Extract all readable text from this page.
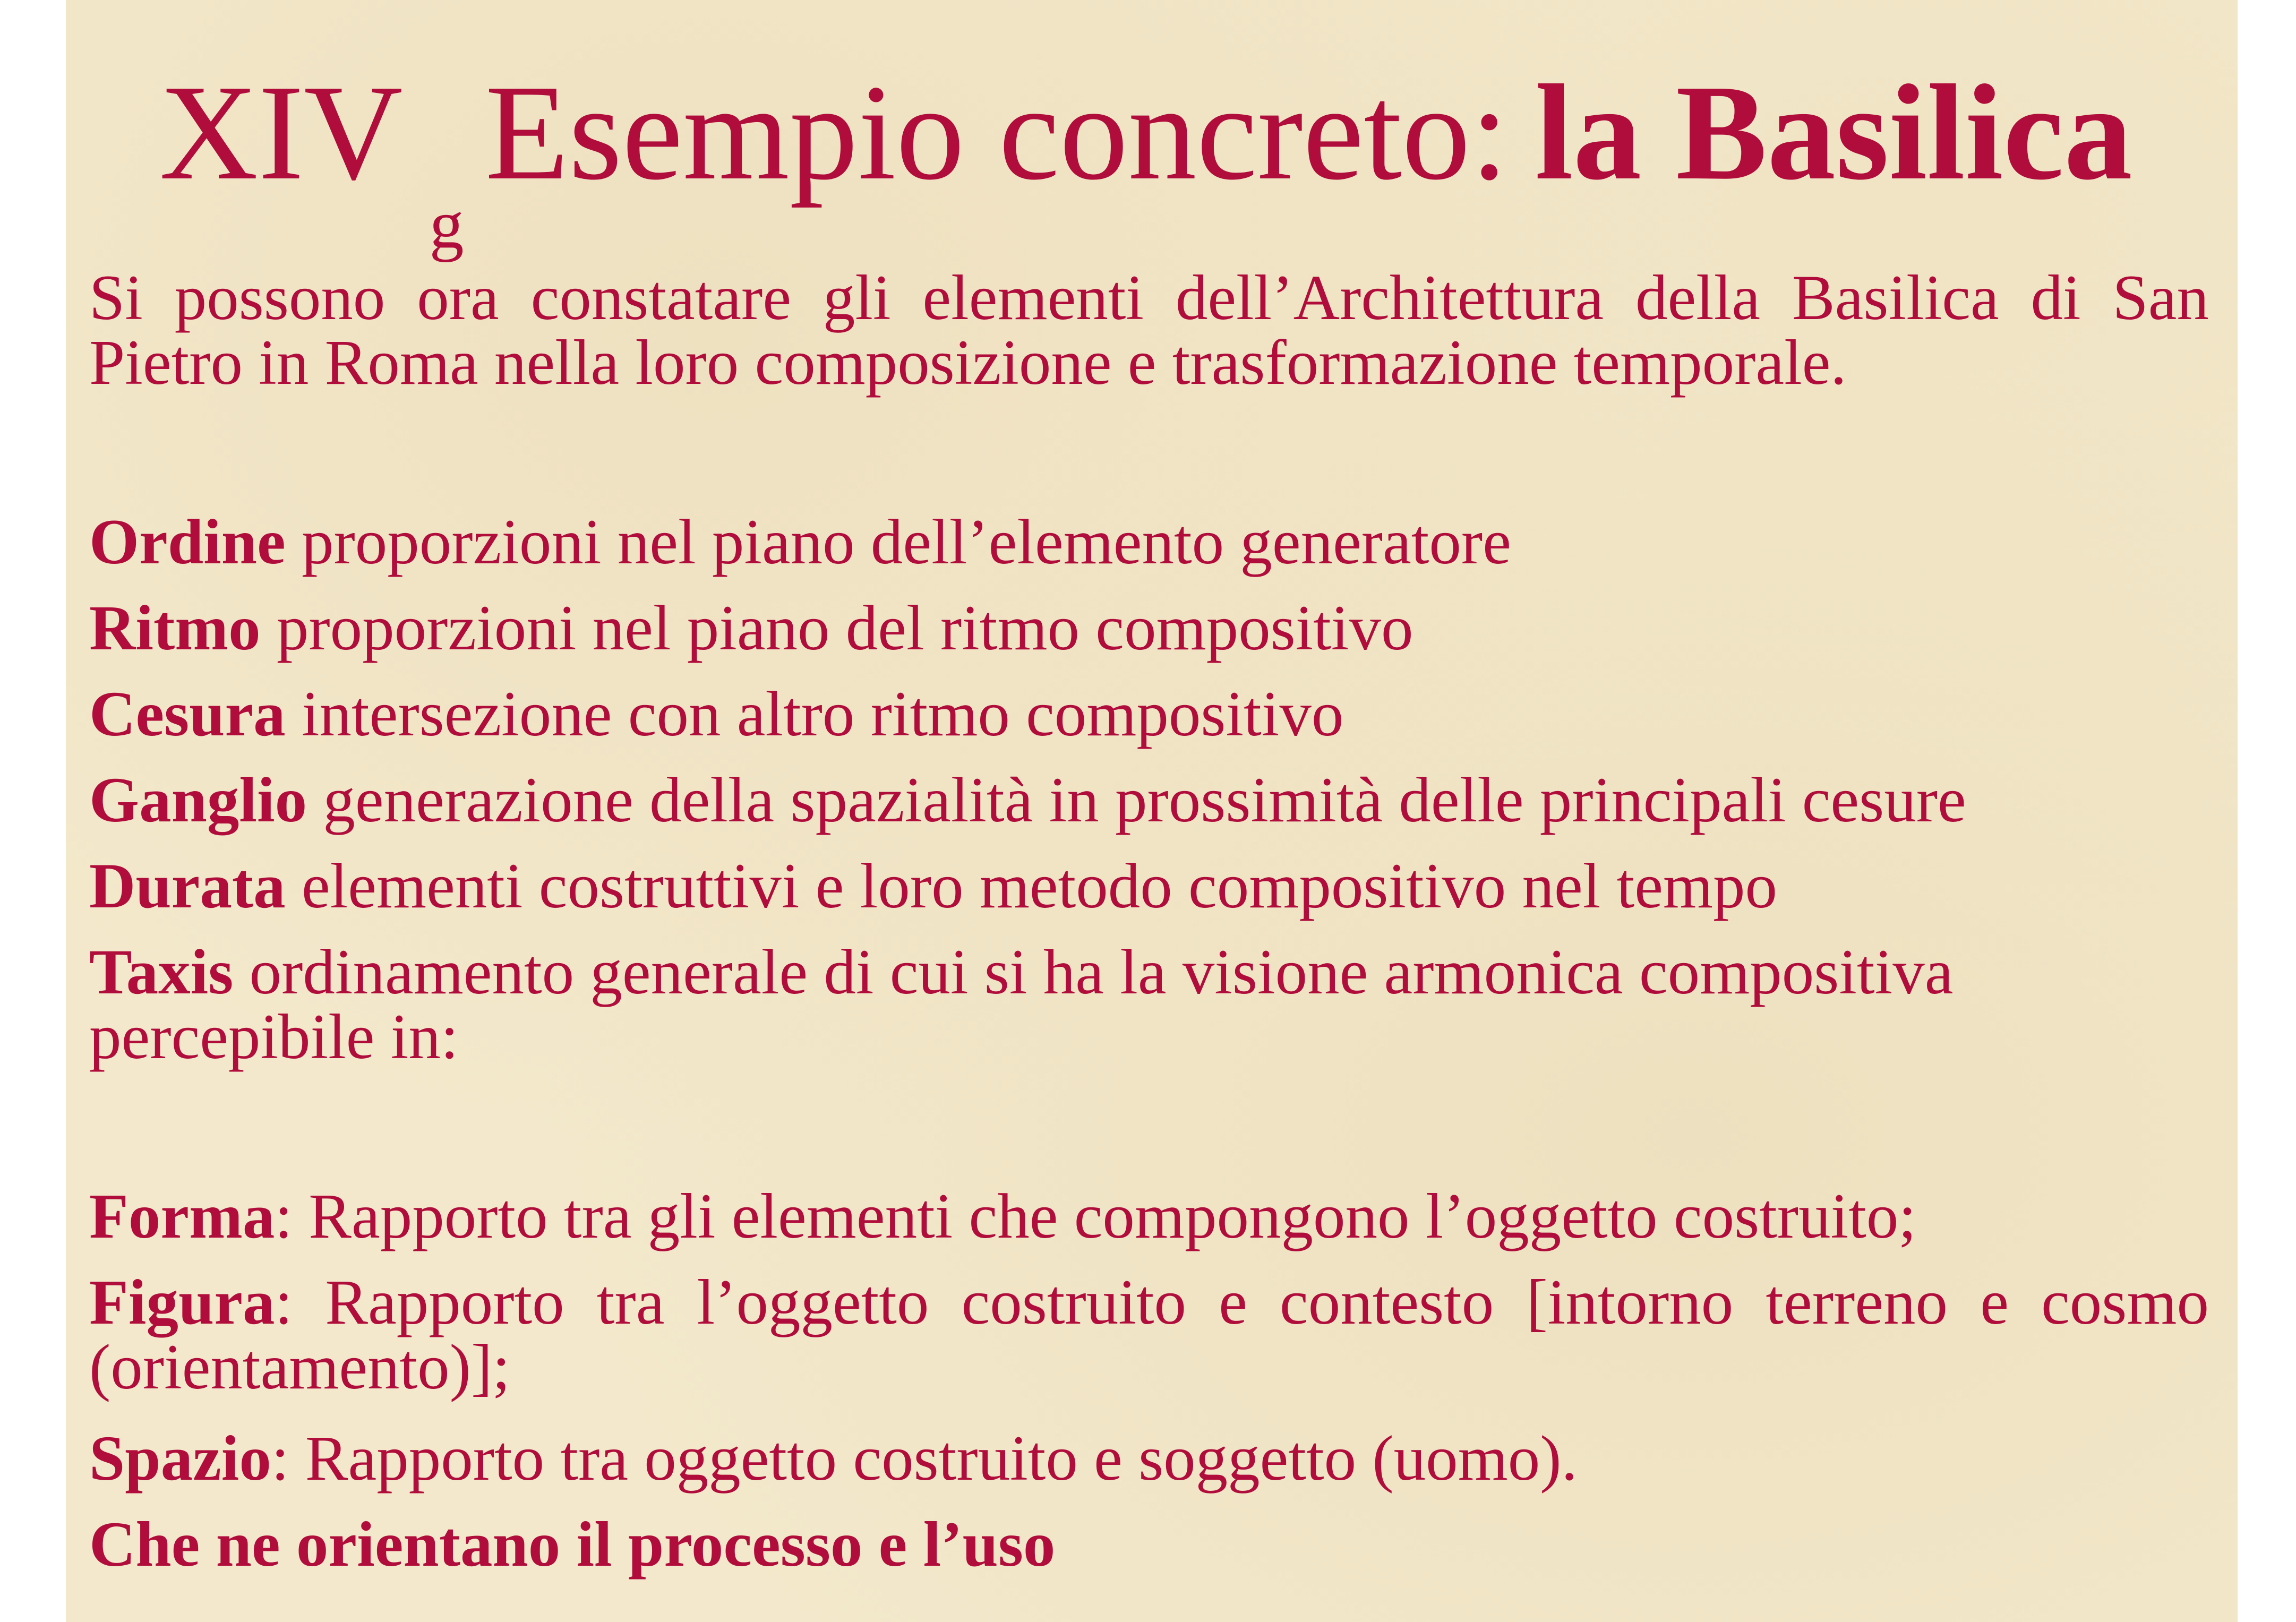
$XIV_gEsempio$ concreto: la Basilica

Si possono ora constatare gli elementi dell’Architettura della Basilica di San Pietro in Roma nella loro composizione e trasformazione temporale.

Ordine proporzioni nel piano dell’elemento generatore

Ritmo proporzioni nel piano del ritmo compositivo

Cesura intersezione con altro ritmo compositivo

Ganglio generazione della spazialità in prossimità delle principali cesure

Durata elementi costruttivi e loro metodo compositivo nel tempo

Taxis ordinamento generale di cui si ha la visione armonica compositiva percepibile in:

Forma: Rapporto tra gli elementi che compongono l’oggetto costruito;

Figura: Rapporto tra l’oggetto costruito e contesto [intorno terreno e cosmo (orientamento)];

Spazio: Rapporto tra oggetto costruito e soggetto (uomo).

Che ne orientano il processo e l’uso
